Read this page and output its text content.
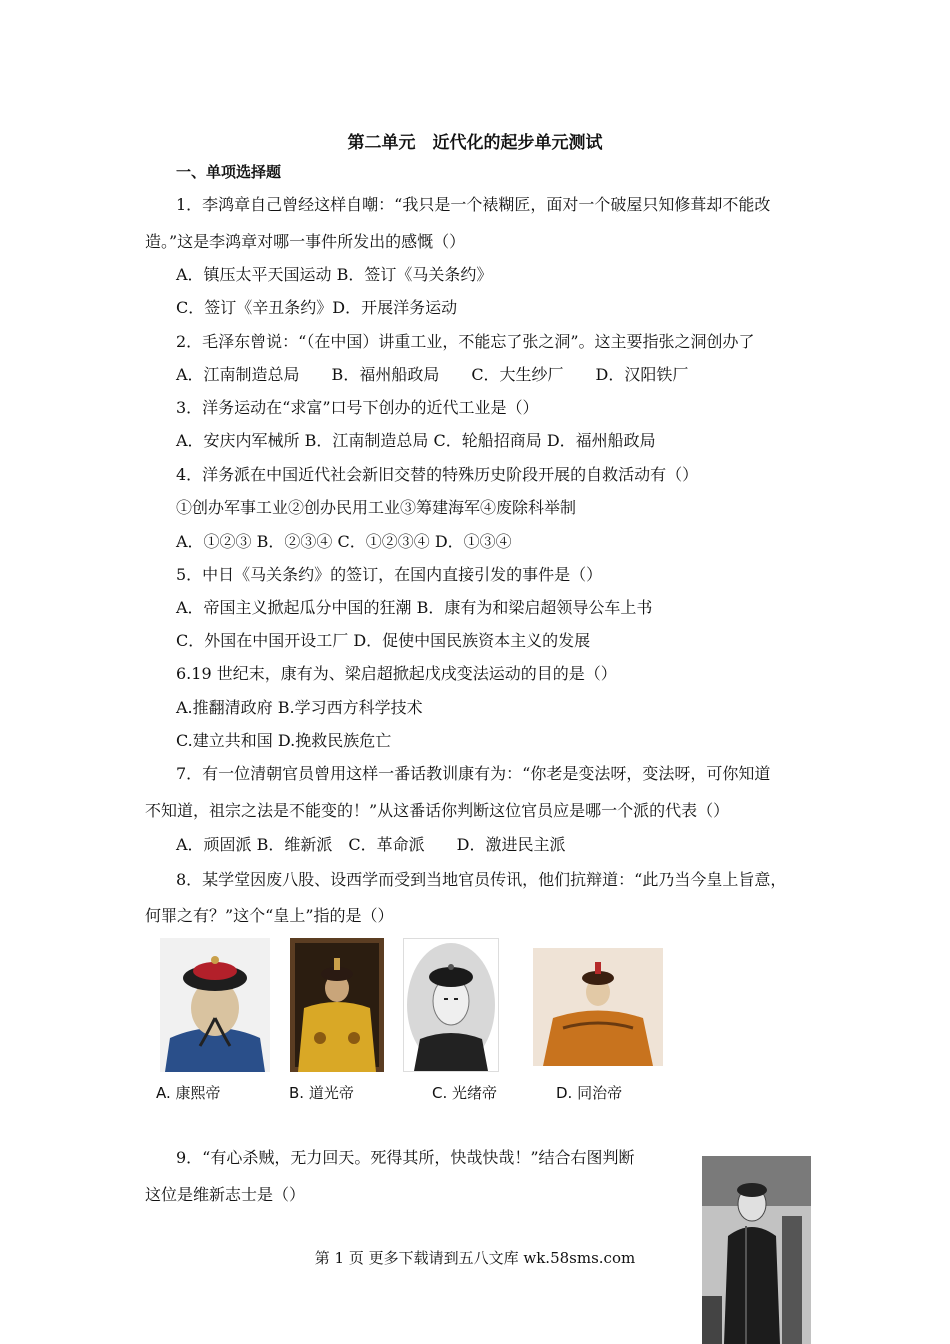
第二单元　近代化的起步单元测试
一、单项选择题
1．李鸿章自己曾经这样自嘲：“我只是一个裱糊匠，面对一个破屋只知修葺却不能改
造。”这是李鸿章对哪一事件所发出的感慨（）
A．镇压太平天国运动 B．签订《马关条约》
C．签订《辛丑条约》D．开展洋务运动
2．毛泽东曾说：“（在中国）讲重工业，不能忘了张之洞”。这主要指张之洞创办了
A．江南制造总局　　B．福州船政局　　C．大生纱厂　　D．汉阳铁厂
3．洋务运动在“求富”口号下创办的近代工业是（）
A．安庆内军械所 B．江南制造总局 C．轮船招商局 D．福州船政局
4．洋务派在中国近代社会新旧交替的特殊历史阶段开展的自救活动有（）
①创办军事工业②创办民用工业③筹建海军④废除科举制
A．①②③ B．②③④ C．①②③④ D．①③④
5．中日《马关条约》的签订，在国内直接引发的事件是（）
A．帝国主义掀起瓜分中国的狂潮 B．康有为和梁启超领导公车上书
C．外国在中国开设工厂 D．促使中国民族资本主义的发展
6.19 世纪末，康有为、梁启超掀起戊戌变法运动的目的是（）
A.推翻清政府 B.学习西方科学技术
C.建立共和国 D.挽救民族危亡
7．有一位清朝官员曾用这样一番话教训康有为：“你老是变法呀，变法呀，可你知道
不知道，祖宗之法是不能变的！”从这番话你判断这位官员应是哪一个派的代表（）
A．顽固派 B．维新派　C．革命派　　D．激进民主派
8．某学堂因废八股、设西学而受到当地官员传讯，他们抗辩道：“此乃当今皇上旨意，
何罪之有？”这个“皇上”指的是（）
A. 康熙帝	B. 道光帝	C. 光绪帝	D. 同治帝
9．“有心杀贼，无力回天。死得其所，快哉快哉！”结合右图判断
这位是维新志士是（）
第 1 页 更多下载请到五八文库 wk.58sms.com
